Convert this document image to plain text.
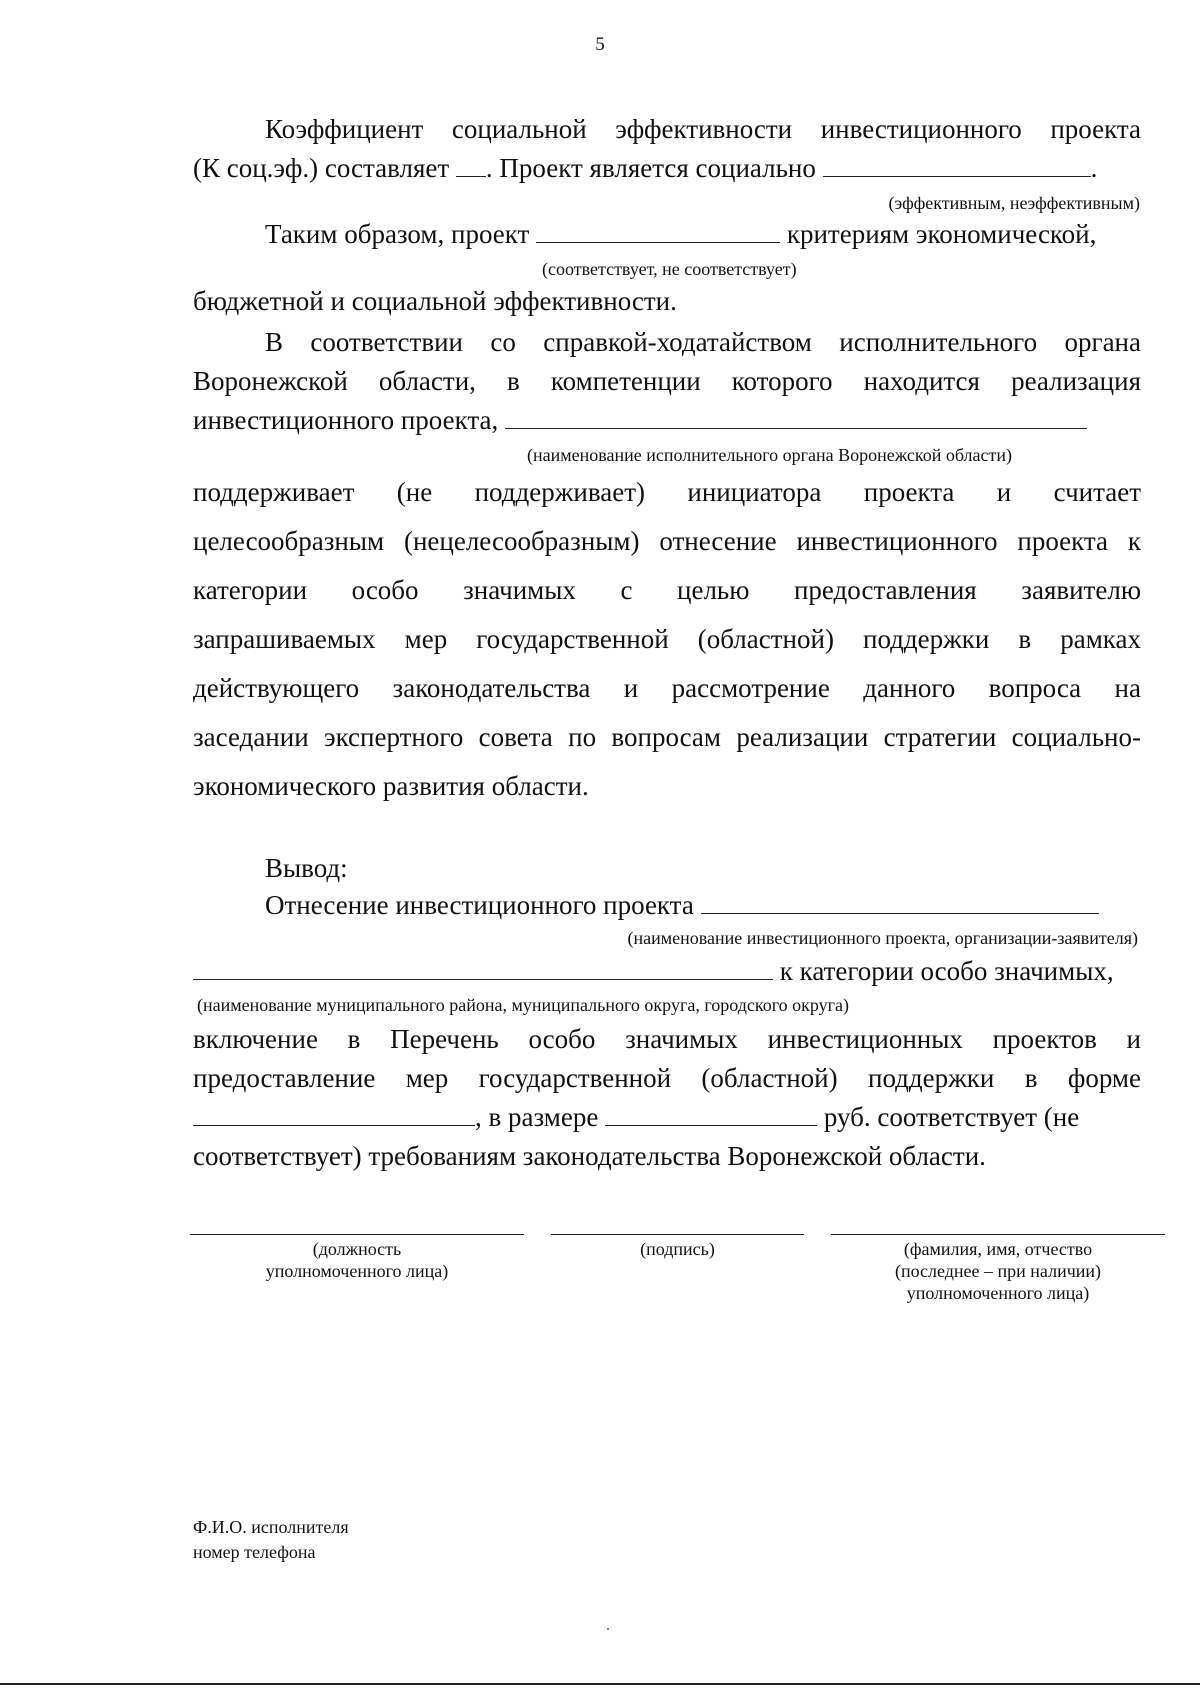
5
Коэффициент социальной эффективности инвестиционного проекта
(К соц.эф.) составляет . Проект является социально	.
(эффективным, неэффективным)
Таким образом, проект	критериям экономической,
(соответствует, не соответствует)
бюджетной и социальной эффективности.
В соответствии со справкой-ходатайством исполнительного органа
Воронежской области, в компетенции которого находится реализация
инвестиционного проекта,
(наименование исполнительного органа Воронежской области)
поддерживает (не поддерживает) инициатора проекта и считает
целесообразным (нецелесообразным) отнесение инвестиционного проекта к
категории особо значимых с целью предоставления заявителю
запрашиваемых мер государственной (областной) поддержки в рамках
действующего законодательства и рассмотрение данного вопроса на
заседании экспертного совета по вопросам реализации стратегии социально-
экономического развития области.
Вывод:
Отнесение инвестиционного проекта
(наименование инвестиционного проекта, организации-заявителя)
к категории особо значимых,
(наименование муниципального района, муниципального округа, городского округа)
включение в Перечень особо значимых инвестиционных проектов и
предоставление мер государственной (областной) поддержки в форме
, в размере	руб. соответствует (не
соответствует) требованиям законодательства Воронежской области.
(должность
уполномоченного лица)
(подпись)	(фамилия, имя, отчество
(последнее – при наличии)
уполномоченного лица)
Ф.И.О. исполнителя
номер телефона
